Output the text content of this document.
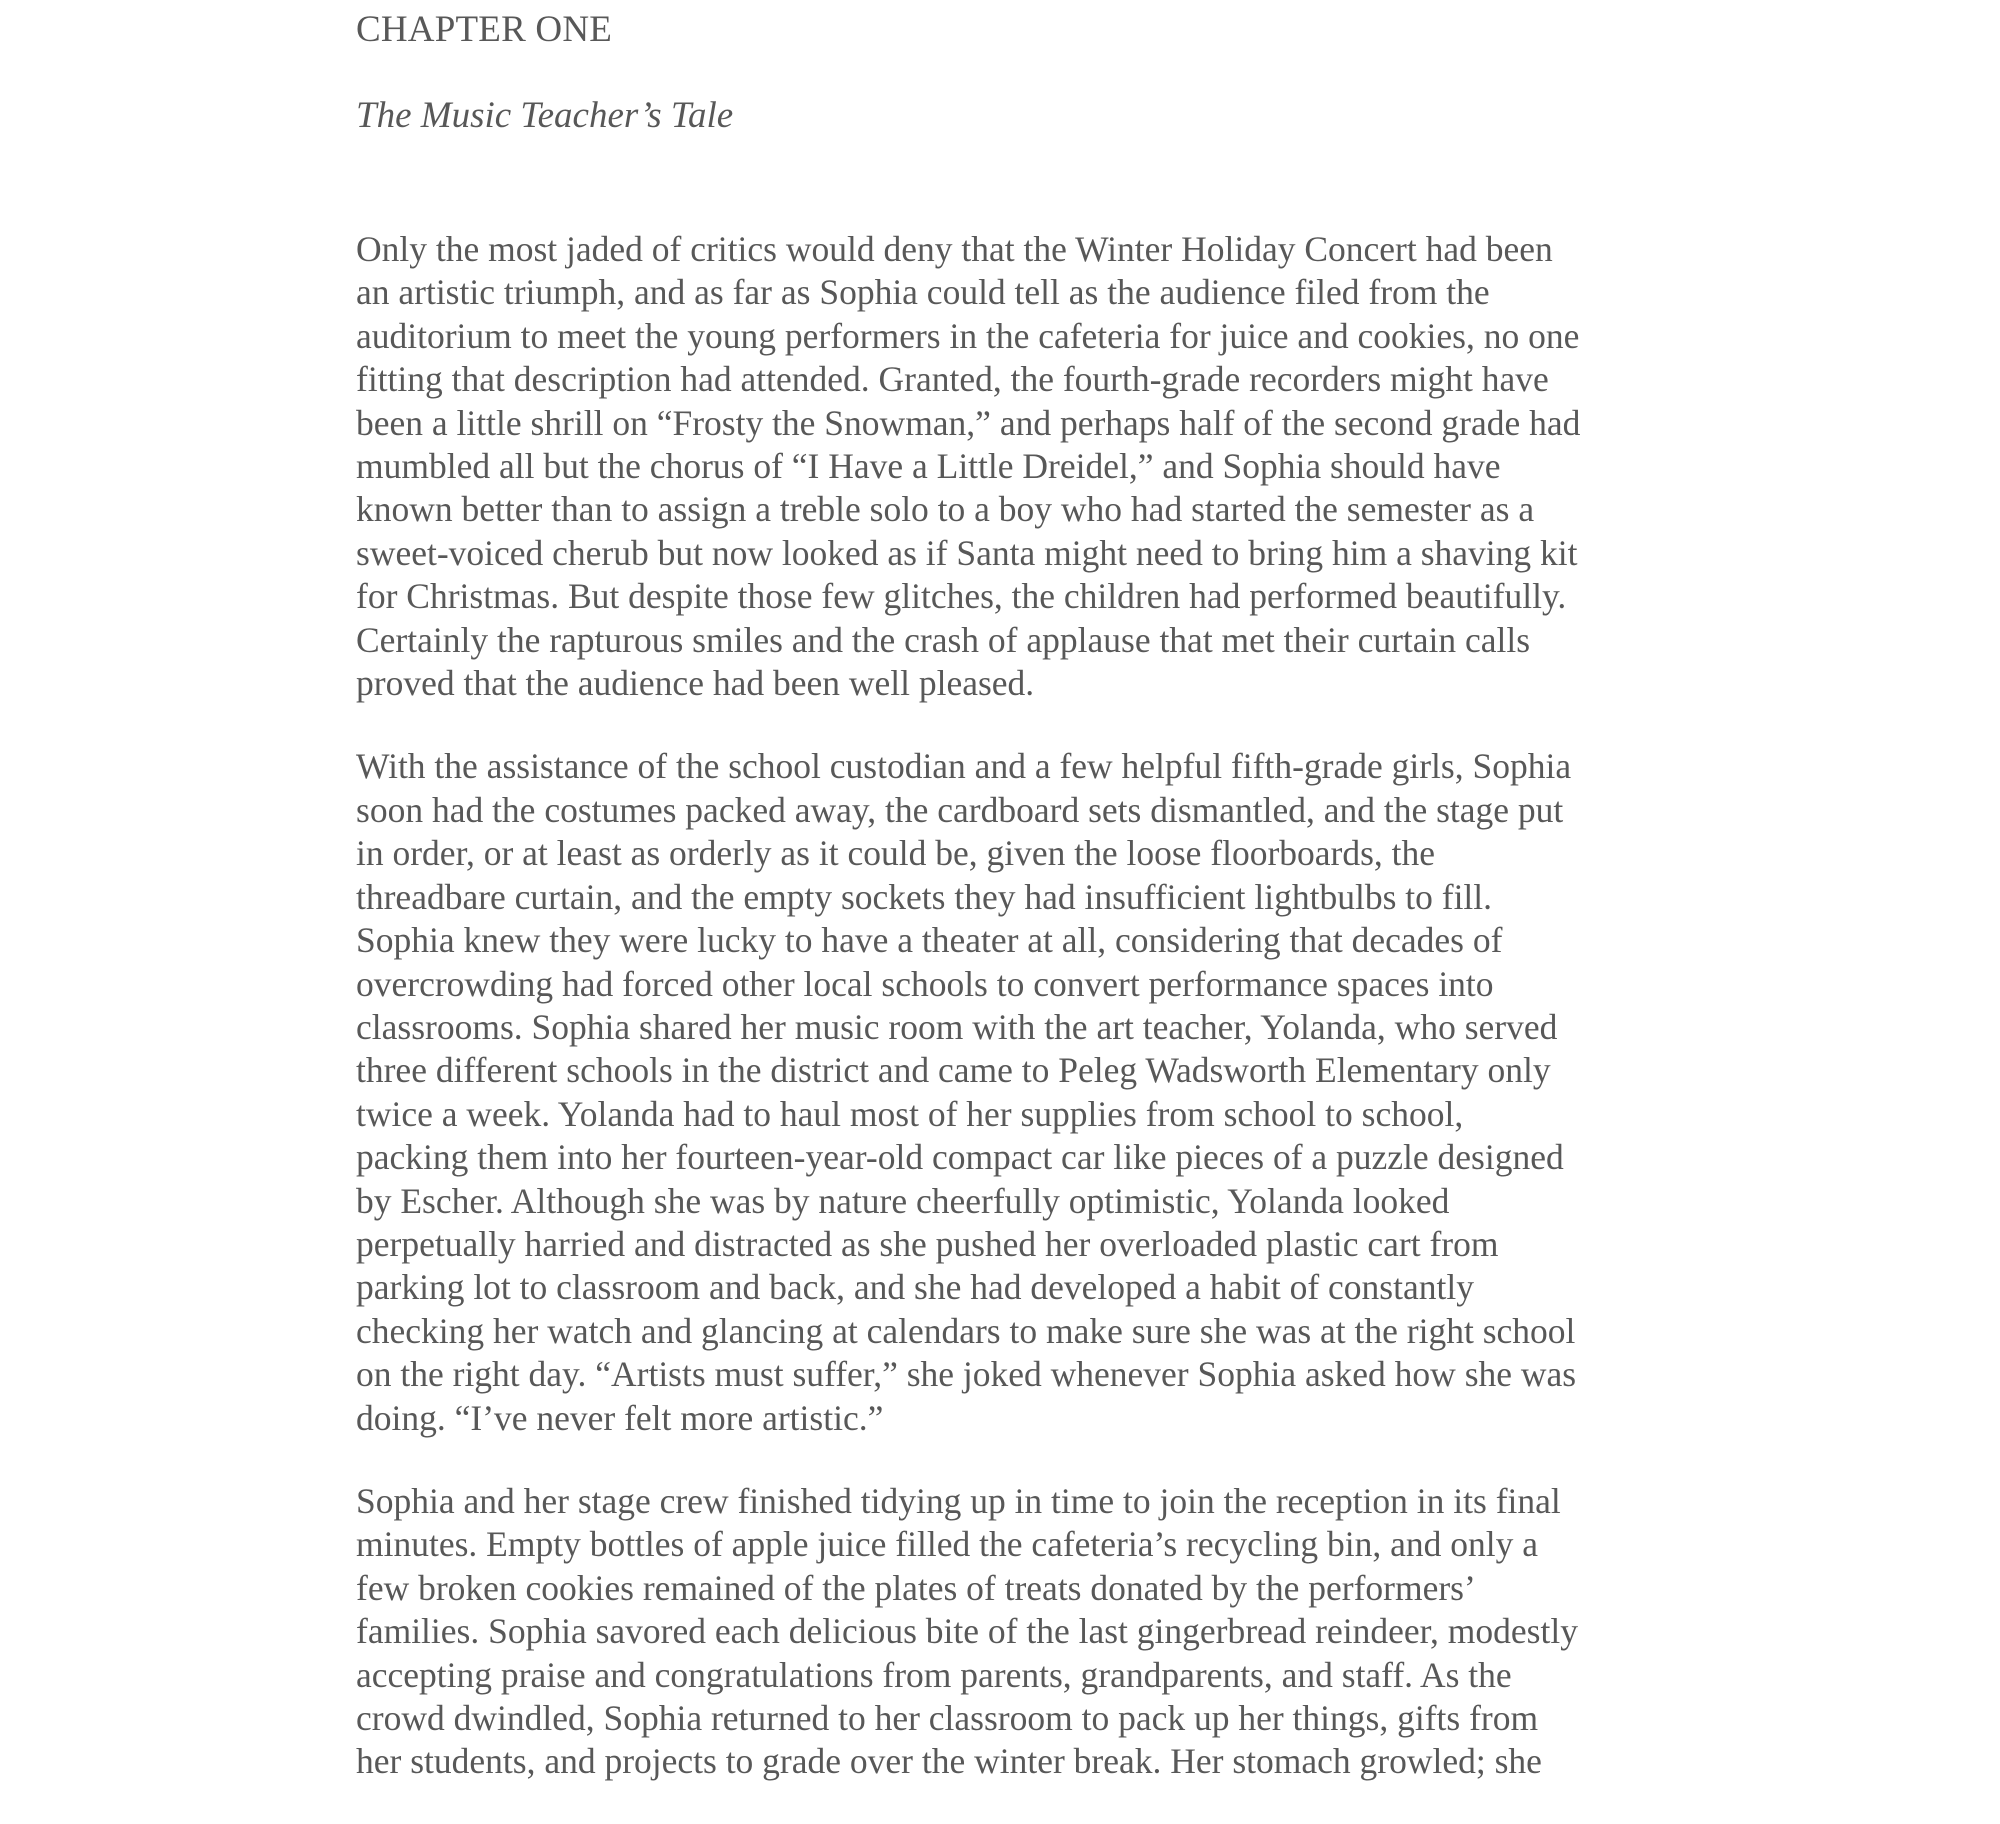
CHAPTER ONE
The Music Teacher’s Tale
Only the most jaded of critics would deny that the Winter Holiday Concert had been
an artistic triumph, and as far as Sophia could tell as the audience filed from the
auditorium to meet the young performers in the cafeteria for juice and cookies, no one
fitting that description had attended. Granted, the fourth-grade recorders might have
been a little shrill on “Frosty the Snowman,” and perhaps half of the second grade had
mumbled all but the chorus of “I Have a Little Dreidel,” and Sophia should have
known better than to assign a treble solo to a boy who had started the semester as a
sweet-voiced cherub but now looked as if Santa might need to bring him a shaving kit
for Christmas. But despite those few glitches, the children had performed beautifully.
Certainly the rapturous smiles and the crash of applause that met their curtain calls
proved that the audience had been well pleased.
With the assistance of the school custodian and a few helpful fifth-grade girls, Sophia
soon had the costumes packed away, the cardboard sets dismantled, and the stage put
in order, or at least as orderly as it could be, given the loose floorboards, the
threadbare curtain, and the empty sockets they had insufficient lightbulbs to fill.
Sophia knew they were lucky to have a theater at all, considering that decades of
overcrowding had forced other local schools to convert performance spaces into
classrooms. Sophia shared her music room with the art teacher, Yolanda, who served
three different schools in the district and came to Peleg Wadsworth Elementary only
twice a week. Yolanda had to haul most of her supplies from school to school,
packing them into her fourteen-year-old compact car like pieces of a puzzle designed
by Escher. Although she was by nature cheerfully optimistic, Yolanda looked
perpetually harried and distracted as she pushed her overloaded plastic cart from
parking lot to classroom and back, and she had developed a habit of constantly
checking her watch and glancing at calendars to make sure she was at the right school
on the right day. “Artists must suffer,” she joked whenever Sophia asked how she was
doing. “I’ve never felt more artistic.”
Sophia and her stage crew finished tidying up in time to join the reception in its final
minutes. Empty bottles of apple juice filled the cafeteria’s recycling bin, and only a
few broken cookies remained of the plates of treats donated by the performers’
families. Sophia savored each delicious bite of the last gingerbread reindeer, modestly
accepting praise and congratulations from parents, grandparents, and staff. As the
crowd dwindled, Sophia returned to her classroom to pack up her things, gifts from
her students, and projects to grade over the winter break. Her stomach growled; she
